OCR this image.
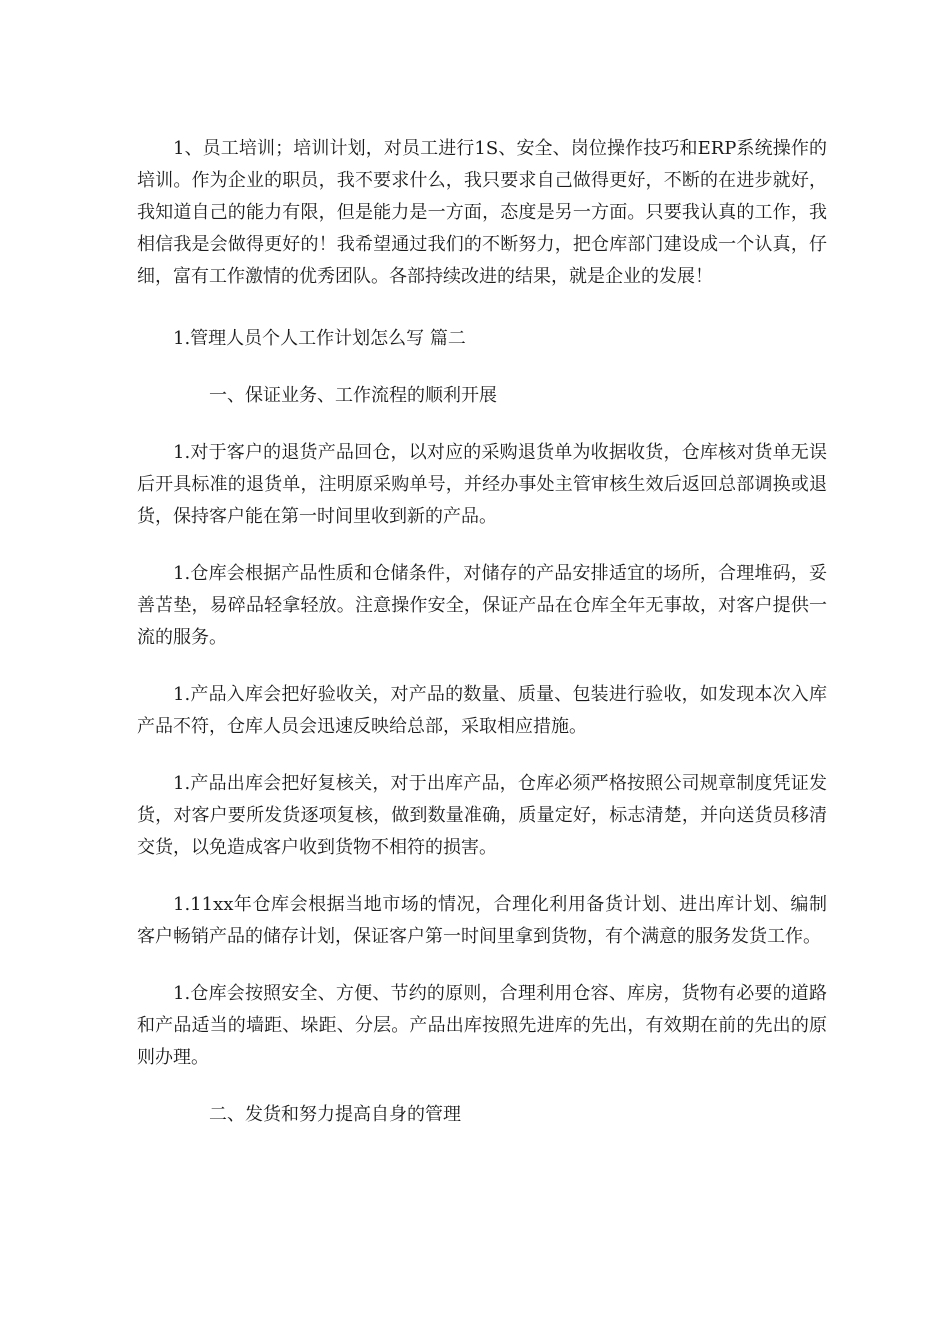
1、员工培训；培训计划，对员工进行1S、安全、岗位操作技巧和ERP系统操作的培训。作为企业的职员，我不要求什么，我只要求自己做得更好，不断的在进步就好，我知道自己的能力有限，但是能力是一方面，态度是另一方面。只要我认真的工作，我相信我是会做得更好的！我希望通过我们的不断努力，把仓库部门建设成一个认真，仔细，富有工作激情的优秀团队。各部持续改进的结果，就是企业的发展！

1.管理人员个人工作计划怎么写 篇二
一、保证业务、工作流程的顺利开展

1.对于客户的退货产品回仓，以对应的采购退货单为收据收货，仓库核对货单无误后开具标准的退货单，注明原采购单号，并经办事处主管审核生效后返回总部调换或退货，保持客户能在第一时间里收到新的产品。

1.仓库会根据产品性质和仓储条件，对储存的产品安排适宜的场所，合理堆码，妥善苫垫，易碎品轻拿轻放。注意操作安全，保证产品在仓库全年无事故，对客户提供一流的服务。

1.产品入库会把好验收关，对产品的数量、质量、包装进行验收，如发现本次入库产品不符，仓库人员会迅速反映给总部，采取相应措施。

1.产品出库会把好复核关，对于出库产品，仓库必须严格按照公司规章制度凭证发货，对客户要所发货逐项复核，做到数量准确，质量定好，标志清楚，并向送货员移清交货，以免造成客户收到货物不相符的损害。

1.11xx年仓库会根据当地市场的情况，合理化利用备货计划、进出库计划、编制客户畅销产品的储存计划，保证客户第一时间里拿到货物，有个满意的服务发货工作。

1.仓库会按照安全、方便、节约的原则，合理利用仓容、库房，货物有必要的道路和产品适当的墙距、垛距、分层。产品出库按照先进库的先出，有效期在前的先出的原则办理。

二、发货和努力提高自身的管理
